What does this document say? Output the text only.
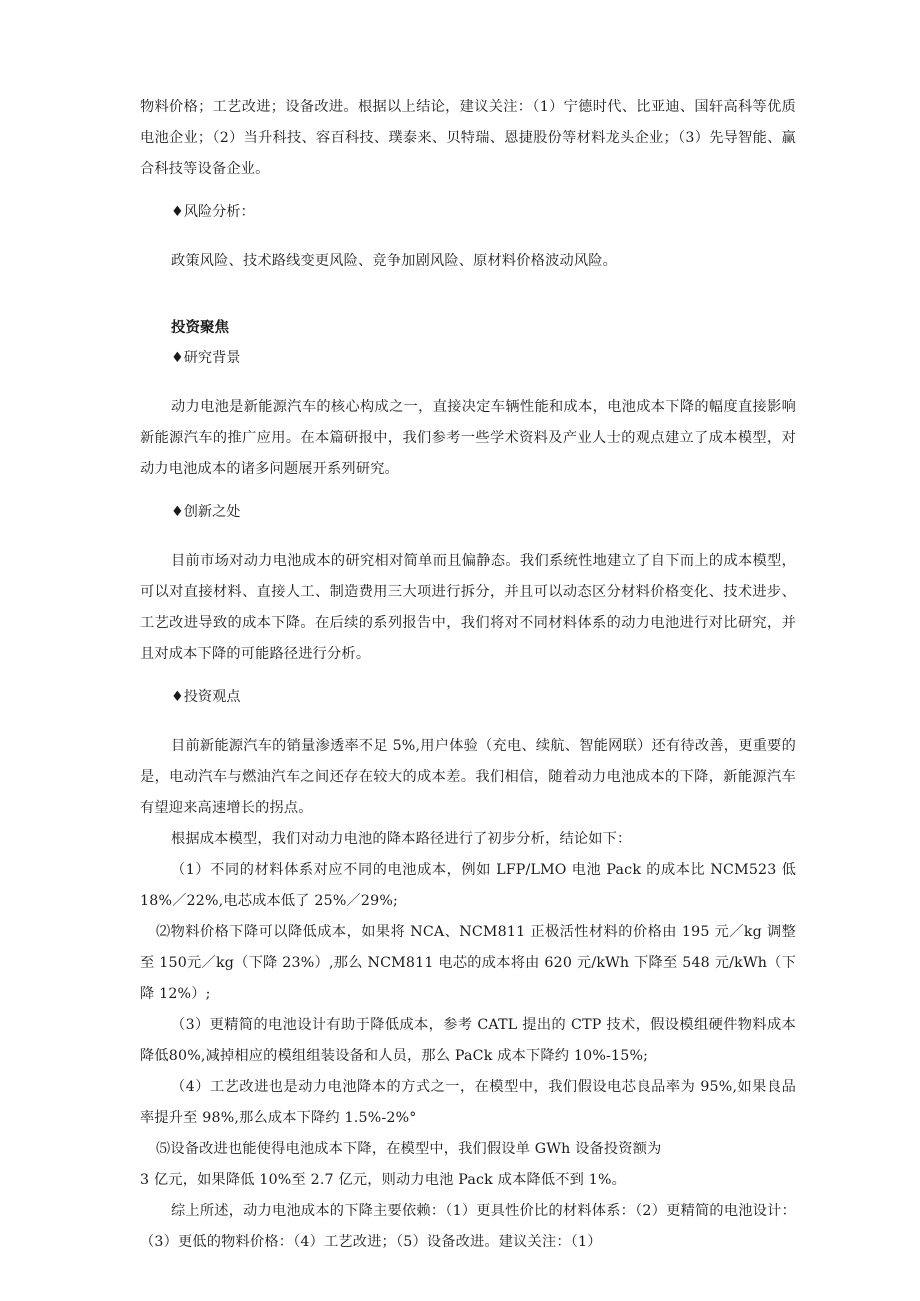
物料价格；工艺改进；设备改进。根据以上结论，建议关注：（1）宁德时代、比亚迪、国轩高科等优质电池企业；（2）当升科技、容百科技、璞泰来、贝特瑞、恩捷股份等材料龙头企业；（3）先导智能、赢合科技等设备企业。

♦风险分析：

政策风险、技术路线变更风险、竞争加剧风险、原材料价格波动风险。

投资聚焦

♦研究背景

动力电池是新能源汽车的核心构成之一，直接决定车辆性能和成本，电池成本下降的幅度直接影响新能源汽车的推广应用。在本篇研报中，我们参考一些学术资料及产业人士的观点建立了成本模型，对动力电池成本的诸多问题展开系列研究。

♦创新之处

目前市场对动力电池成本的研究相对简单而且偏静态。我们系统性地建立了自下而上的成本模型，可以对直接材料、直接人工、制造费用三大项进行拆分，并且可以动态区分材料价格变化、技术进步、工艺改进导致的成本下降。在后续的系列报告中，我们将对不同材料体系的动力电池进行对比研究，并且对成本下降的可能路径进行分析。

♦投资观点

目前新能源汽车的销量渗透率不足 5%,用户体验（充电、续航、智能网联）还有待改善，更重要的是，电动汽车与燃油汽车之间还存在较大的成本差。我们相信，随着动力电池成本的下降，新能源汽车有望迎来高速增长的拐点。

根据成本模型，我们对动力电池的降本路径进行了初步分析，结论如下：

（1）不同的材料体系对应不同的电池成本，例如 LFP/LMO 电池 Pack 的成本比 NCM523 低 18%／22%,电芯成本低了 25%／29%;

⑵物料价格下降可以降低成本，如果将 NCA、NCM811 正极活性材料的价格由 195 元／kg 调整至 150元／kg（下降 23%）,那么 NCM811 电芯的成本将由 620 元/kWh 下降至 548 元/kWh（下降 12%）;

（3）更精简的电池设计有助于降低成本，参考 CATL 提出的 CTP 技术，假设模组硬件物料成本降低80%,减掉相应的模组组装设备和人员，那么 PaCk 成本下降约 10%-15%;

（4）工艺改进也是动力电池降本的方式之一，在模型中，我们假设电芯良品率为 95%,如果良品率提升至 98%,那么成本下降约 1.5%-2%°

⑸设备改进也能使得电池成本下降，在模型中，我们假设单 GWh 设备投资额为

3 亿元，如果降低 10%至 2.7 亿元，则动力电池 Pack 成本降低不到 1%。

综上所述，动力电池成本的下降主要依赖：（1）更具性价比的材料体系：（2）更精简的电池设计：（3）更低的物料价格：（4）工艺改进；（5）设备改进。建议关注：（1）
